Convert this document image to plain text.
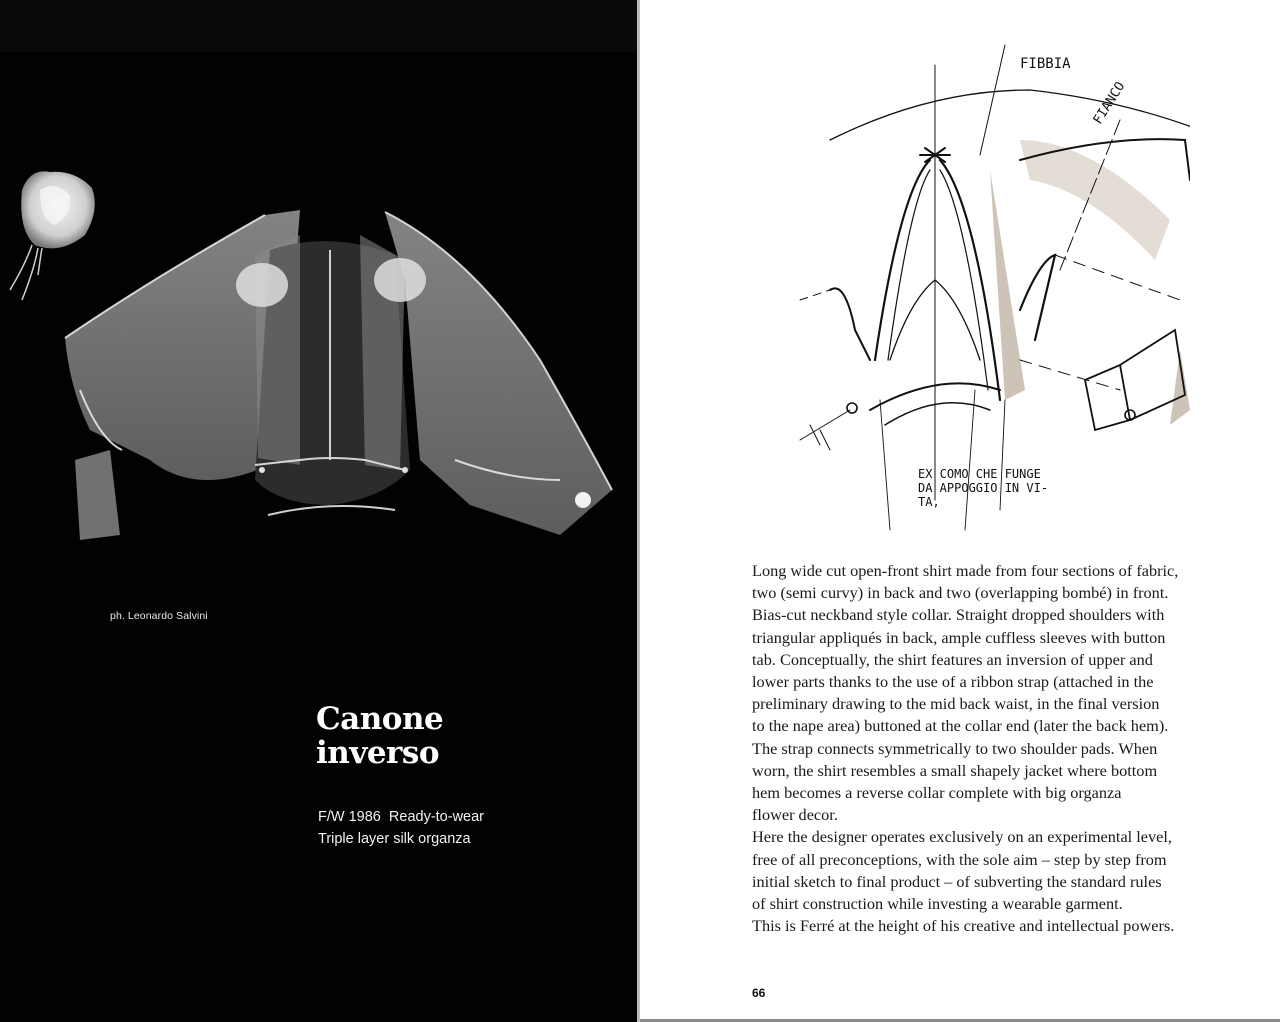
ph. Leonardo Salvini
Canone
inverso
F/W 1986  Ready-to-wear
Triple layer silk organza
FIBBIA
FIANCO
EX COMO CHE FUNGE
DA APPOGGIO IN VI-
TA,
Long wide cut open-front shirt made from four sections of fabric,
two (semi curvy) in back and two (overlapping bombé) in front.
Bias-cut neckband style collar. Straight dropped shoulders with
triangular appliqués in back, ample cuffless sleeves with button
tab. Conceptually, the shirt features an inversion of upper and
lower parts thanks to the use of a ribbon strap (attached in the
preliminary drawing to the mid back waist, in the final version
to the nape area) buttoned at the collar end (later the back hem).
The strap connects symmetrically to two shoulder pads. When
worn, the shirt resembles a small shapely jacket where bottom
hem becomes a reverse collar complete with big organza
flower decor.
Here the designer operates exclusively on an experimental level,
free of all preconceptions, with the sole aim – step by step from
initial sketch to final product – of subverting the standard rules
of shirt construction while investing a wearable garment.
This is Ferré at the height of his creative and intellectual powers.
66
